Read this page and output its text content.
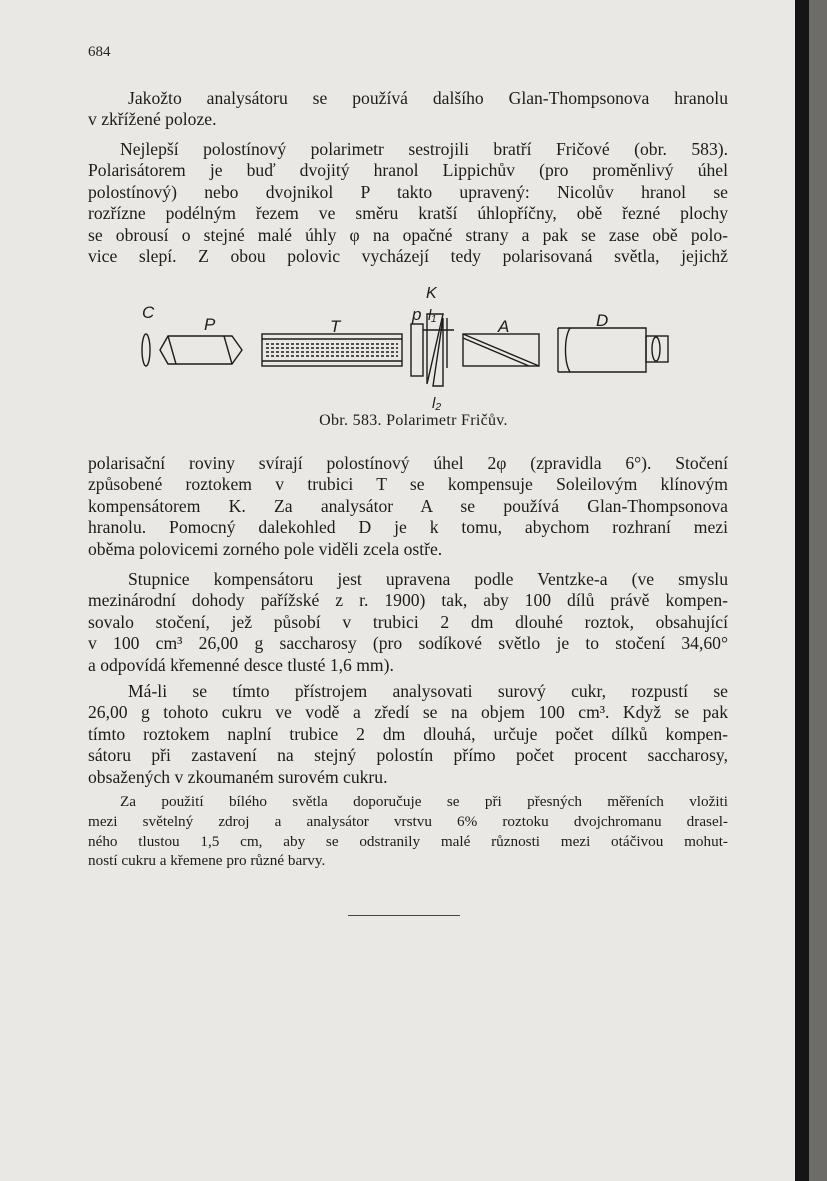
684

Jakožto analysátoru se používá dalšího Glan-Thompsonova hranolu
v zkřížené poloze.

Nejlepší polostínový polarimetr sestrojili bratří Fričové (obr. 583).
Polarisátorem je buď dvojitý hranol Lippichův (pro proměnlivý úhel
polostínový) nebo dvojnikol P takto upravený: Nicolův hranol se
rozřízne podélným řezem ve směru kratší úhlopříčny, obě řezné plochy
se obrousí o stejné malé úhly φ na opačné strany a pak se zase obě polo-
vice slepí. Z obou polovic vycházejí tedy polarisovaná světla, jejichž

C
P	T
p l₁
K
l₂
A	D
Obr. 583. Polarimetr Fričův.

polarisační roviny svírají polostínový úhel 2φ (zpravidla 6°). Stočení
způsobené roztokem v trubici T se kompensuje Soleilovým klínovým
kompensátorem K. Za analysátor A se používá Glan-Thompsonova
hranolu. Pomocný dalekohled D je k tomu, abychom rozhraní mezi
oběma polovicemi zorného pole viděli zcela ostře.

Stupnice kompensátoru jest upravena podle Ventzke-a (ve smyslu
mezinárodní dohody pařížské z r. 1900) tak, aby 100 dílů právě kompen-
sovalo stočení, jež působí v trubici 2 dm dlouhé roztok, obsahující
v 100 cm³ 26,00 g saccharosy (pro sodíkové světlo je to stočení 34,60°
a odpovídá křemenné desce tlusté 1,6 mm).

Má-li se tímto přístrojem analysovati surový cukr, rozpustí se
26,00 g tohoto cukru ve vodě a zředí se na objem 100 cm³. Když se pak
tímto roztokem naplní trubice 2 dm dlouhá, určuje počet dílků kompen-
sátoru při zastavení na stejný polostín přímo počet procent saccharosy,
obsažených v zkoumaném surovém cukru.

Za použití bílého světla doporučuje se při přesných měřeních vložiti
mezi světelný zdroj a analysátor vrstvu 6% roztoku dvojchromanu drasel-
ného tlustou 1,5 cm, aby se odstranily malé různosti mezi otáčivou mohut-
ností cukru a křemene pro různé barvy.
